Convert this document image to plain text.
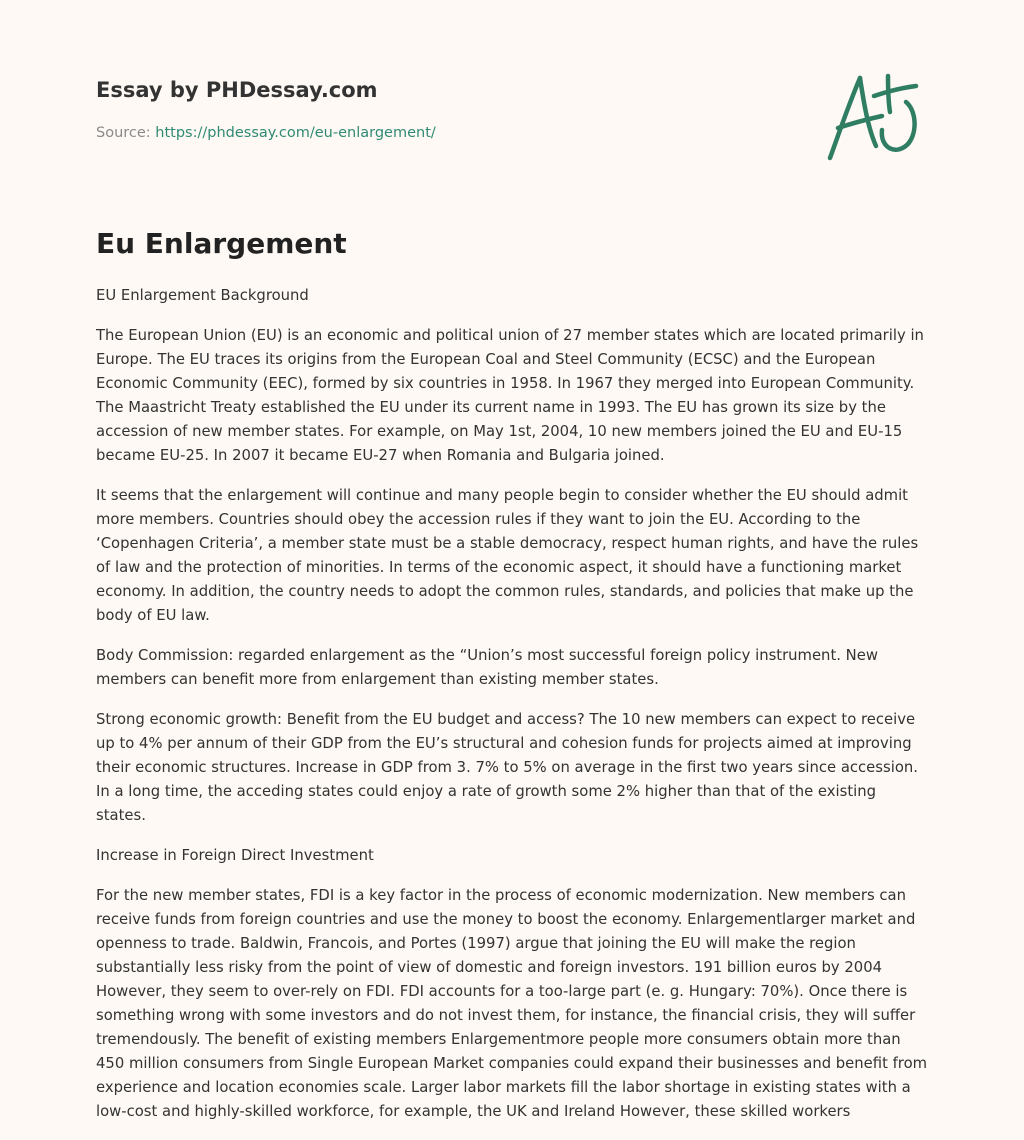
Essay by PHDessay.com
Source: https://phdessay.com/eu-enlargement/
Eu Enlargement

EU Enlargement Background

The European Union (EU) is an economic and political union of 27 member states which are located primarily in Europe. The EU traces its origins from the European Coal and Steel Community (ECSC) and the European Economic Community (EEC), formed by six countries in 1958. In 1967 they merged into European Community. The Maastricht Treaty established the EU under its current name in 1993. The EU has grown its size by the accession of new member states. For example, on May 1st, 2004, 10 new members joined the EU and EU-15 became EU-25. In 2007 it became EU-27 when Romania and Bulgaria joined.

It seems that the enlargement will continue and many people begin to consider whether the EU should admit more members. Countries should obey the accession rules if they want to join the EU. According to the ‘Copenhagen Criteria’, a member state must be a stable democracy, respect human rights, and have the rules of law and the protection of minorities. In terms of the economic aspect, it should have a functioning market economy. In addition, the country needs to adopt the common rules, standards, and policies that make up the body of EU law.

Body Commission: regarded enlargement as the “Union’s most successful foreign policy instrument. New members can benefit more from enlargement than existing member states.

Strong economic growth: Benefit from the EU budget and access? The 10 new members can expect to receive up to 4% per annum of their GDP from the EU’s structural and cohesion funds for projects aimed at improving their economic structures. Increase in GDP from 3. 7% to 5% on average in the first two years since accession. In a long time, the acceding states could enjoy a rate of growth some 2% higher than that of the existing states.

Increase in Foreign Direct Investment

For the new member states, FDI is a key factor in the process of economic modernization. New members can receive funds from foreign countries and use the money to boost the economy. Enlargementlarger market and openness to trade. Baldwin, Francois, and Portes (1997) argue that joining the EU will make the region substantially less risky from the point of view of domestic and foreign investors. 191 billion euros by 2004 However, they seem to over-rely on FDI. FDI accounts for a too-large part (e. g. Hungary: 70%). Once there is something wrong with some investors and do not invest them, for instance, the financial crisis, they will suffer tremendously. The benefit of existing members Enlargementmore people more consumers obtain more than 450 million consumers from Single European Market companies could expand their businesses and benefit from experience and location economies scale. Larger labor markets fill the labor shortage in existing states with a low-cost and highly-skilled workforce, for example, the UK and Ireland However, these skilled workers
